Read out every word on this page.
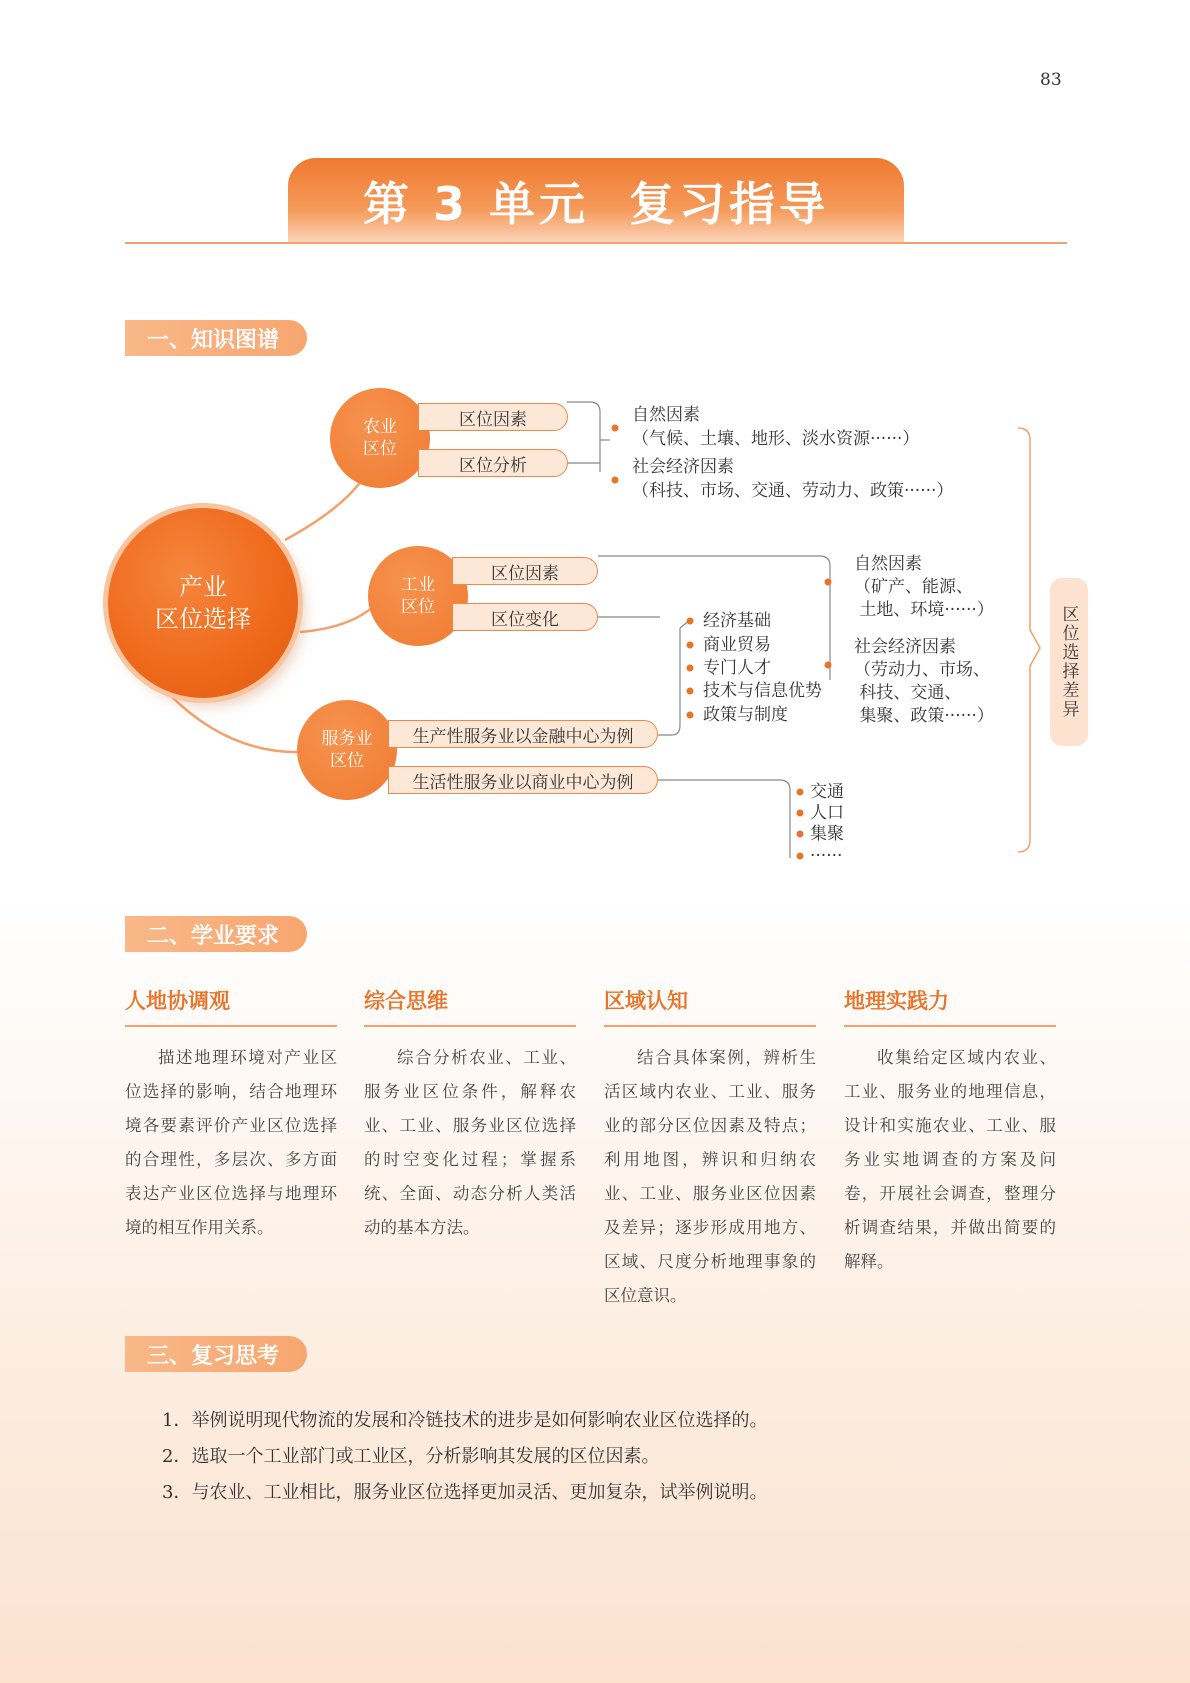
83
第 3 单元  复习指导
一、知识图谱
产业
区位选择
农业
区位
区位因素
区位分析
自然因素
（气候、土壤、地形、淡水资源······）
社会经济因素
（科技、市场、交通、劳动力、政策······）
工业
区位
区位因素
区位变化
自然因素
（矿产、能源、
土地、环境······）
社会经济因素
（劳动力、市场、
科技、交通、
集聚、政策······）
服务业
区位
生产性服务业以金融中心为例
生活性服务业以商业中心为例
经济基础
商业贸易
专门人才
技术与信息优势
政策与制度
交通
人口
集聚
······
区位选择差异
二、学业要求
人地协调观
描述地理环境对产业区位选择的影响，结合地理环境各要素评价产业区位选择的合理性，多层次、多方面表达产业区位选择与地理环境的相互作用关系。
综合思维
综合分析农业、工业、服务业区位条件，解释农业、工业、服务业区位选择的时空变化过程；掌握系统、全面、动态分析人类活动的基本方法。
区域认知
结合具体案例，辨析生活区域内农业、工业、服务业的部分区位因素及特点；利用地图，辨识和归纳农业、工业、服务业区位因素及差异；逐步形成用地方、区域、尺度分析地理事象的区位意识。
地理实践力
收集给定区域内农业、工业、服务业的地理信息，设计和实施农业、工业、服务业实地调查的方案及问卷，开展社会调查，整理分析调查结果，并做出简要的解释。
三、复习思考
1．举例说明现代物流的发展和冷链技术的进步是如何影响农业区位选择的。
2．选取一个工业部门或工业区，分析影响其发展的区位因素。
3．与农业、工业相比，服务业区位选择更加灵活、更加复杂，试举例说明。
